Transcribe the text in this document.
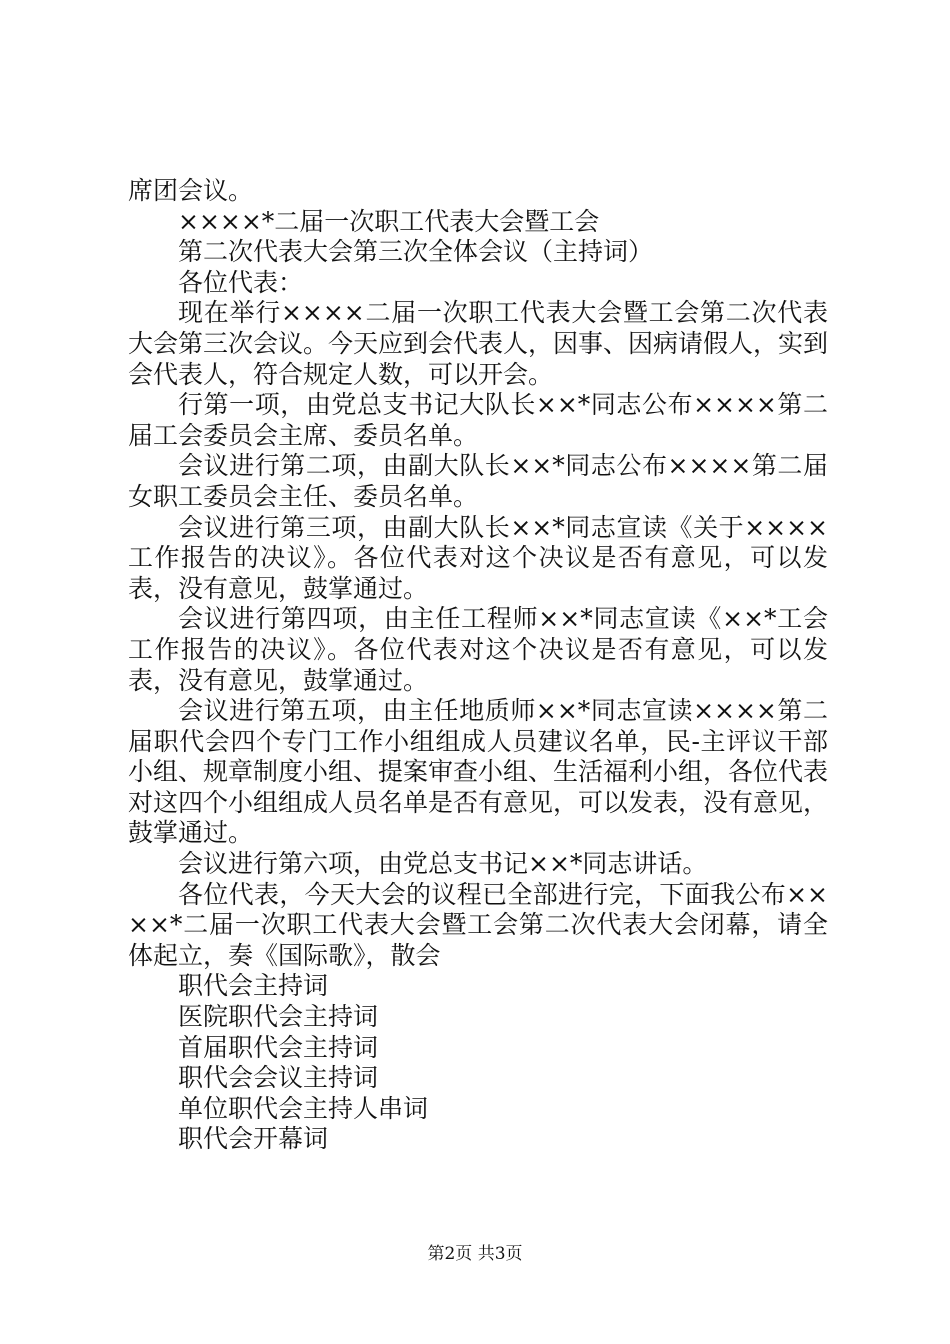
席团会议。

××××*二届一次职工代表大会暨工会

第二次代表大会第三次全体会议（主持词）

各位代表：

现在举行××××二届一次职工代表大会暨工会第二次代表大会第三次会议。今天应到会代表人，因事、因病请假人，实到会代表人，符合规定人数，可以开会。

行第一项，由党总支书记大队长××*同志公布××××第二届工会委员会主席、委员名单。

会议进行第二项，由副大队长××*同志公布××××第二届女职工委员会主任、委员名单。

会议进行第三项，由副大队长××*同志宣读《关于××××工作报告的决议》。各位代表对这个决议是否有意见，可以发表，没有意见，鼓掌通过。

会议进行第四项，由主任工程师××*同志宣读《××*工会工作报告的决议》。各位代表对这个决议是否有意见，可以发表，没有意见，鼓掌通过。

会议进行第五项，由主任地质师××*同志宣读××××第二届职代会四个专门工作小组组成人员建议名单，民-主评议干部小组、规章制度小组、提案审查小组、生活福利小组，各位代表对这四个小组组成人员名单是否有意见，可以发表，没有意见，鼓掌通过。

会议进行第六项，由党总支书记××*同志讲话。

各位代表，今天大会的议程已全部进行完，下面我公布××××*二届一次职工代表大会暨工会第二次代表大会闭幕，请全体起立，奏《国际歌》，散会

职代会主持词

医院职代会主持词

首届职代会主持词

职代会会议主持词

单位职代会主持人串词

职代会开幕词

第2页 共3页
